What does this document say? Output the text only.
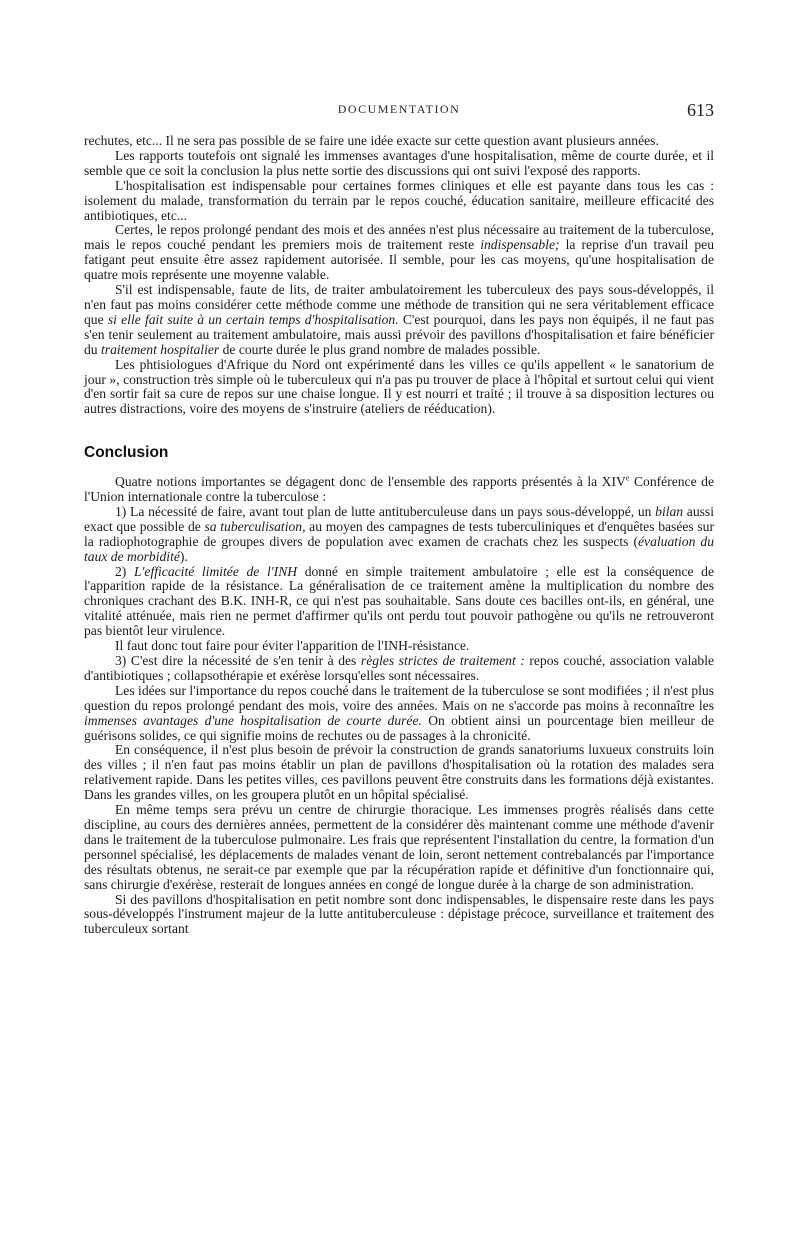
DOCUMENTATION	613

rechutes, etc... Il ne sera pas possible de se faire une idée exacte sur cette question avant plusieurs années.

Les rapports toutefois ont signalé les immenses avantages d'une hospitalisation, même de courte durée, et il semble que ce soit la conclusion la plus nette sortie des discussions qui ont suivi l'exposé des rapports.

L'hospitalisation est indispensable pour certaines formes cliniques et elle est payante dans tous les cas : isolement du malade, transformation du terrain par le repos couché, éducation sanitaire, meilleure efficacité des antibiotiques, etc...

Certes, le repos prolongé pendant des mois et des années n'est plus nécessaire au traitement de la tuberculose, mais le repos couché pendant les premiers mois de traitement reste indispensable; la reprise d'un travail peu fatigant peut ensuite être assez rapidement autorisée. Il semble, pour les cas moyens, qu'une hospitalisation de quatre mois représente une moyenne valable.

S'il est indispensable, faute de lits, de traiter ambulatoirement les tuberculeux des pays sous-développés, il n'en faut pas moins considérer cette méthode comme une méthode de transition qui ne sera véritablement efficace que si elle fait suite à un certain temps d'hospitalisation. C'est pourquoi, dans les pays non équipés, il ne faut pas s'en tenir seulement au traitement ambulatoire, mais aussi prévoir des pavillons d'hospitalisation et faire bénéficier du traitement hospitalier de courte durée le plus grand nombre de malades possible.

Les phtisiologues d'Afrique du Nord ont expérimenté dans les villes ce qu'ils appellent « le sanatorium de jour », construction très simple où le tuberculeux qui n'a pas pu trouver de place à l'hôpital et surtout celui qui vient d'en sortir fait sa cure de repos sur une chaise longue. Il y est nourri et traité ; il trouve à sa disposition lectures ou autres distractions, voire des moyens de s'instruire (ateliers de rééducation).

Conclusion

Quatre notions importantes se dégagent donc de l'ensemble des rapports présentés à la XIVe Conférence de l'Union internationale contre la tuberculose :

1) La nécessité de faire, avant tout plan de lutte antituberculeuse dans un pays sous-développé, un bilan aussi exact que possible de sa tuberculisation, au moyen des campagnes de tests tuberculiniques et d'enquêtes basées sur la radiophotographie de groupes divers de population avec examen de crachats chez les suspects (évaluation du taux de morbidité).

2) L'efficacité limitée de l'INH donné en simple traitement ambulatoire ; elle est la conséquence de l'apparition rapide de la résistance. La généralisation de ce traitement amène la multiplication du nombre des chroniques crachant des B.K. INH-R, ce qui n'est pas souhaitable. Sans doute ces bacilles ont-ils, en général, une vitalité atténuée, mais rien ne permet d'affirmer qu'ils ont perdu tout pouvoir pathogène ou qu'ils ne retrouveront pas bientôt leur virulence.

Il faut donc tout faire pour éviter l'apparition de l'INH-résistance.

3) C'est dire la nécessité de s'en tenir à des règles strictes de traitement : repos couché, association valable d'antibiotiques ; collapsothérapie et exérèse lorsqu'elles sont nécessaires.

Les idées sur l'importance du repos couché dans le traitement de la tuberculose se sont modifiées ; il n'est plus question du repos prolongé pendant des mois, voire des années. Mais on ne s'accorde pas moins à reconnaître les immenses avantages d'une hospitalisation de courte durée. On obtient ainsi un pourcentage bien meilleur de guérisons solides, ce qui signifie moins de rechutes ou de passages à la chronicité.

En conséquence, il n'est plus besoin de prévoir la construction de grands sanatoriums luxueux construits loin des villes ; il n'en faut pas moins établir un plan de pavillons d'hospitalisation où la rotation des malades sera relativement rapide. Dans les petites villes, ces pavillons peuvent être construits dans les formations déjà existantes. Dans les grandes villes, on les groupera plutôt en un hôpital spécialisé.

En même temps sera prévu un centre de chirurgie thoracique. Les immenses progrès réalisés dans cette discipline, au cours des dernières années, permettent de la considérer dès maintenant comme une méthode d'avenir dans le traitement de la tuberculose pulmonaire. Les frais que représentent l'installation du centre, la formation d'un personnel spécialisé, les déplacements de malades venant de loin, seront nettement contrebalancés par l'importance des résultats obtenus, ne serait-ce par exemple que par la récupération rapide et définitive d'un fonctionnaire qui, sans chirurgie d'exérèse, resterait de longues années en congé de longue durée à la charge de son administration.

Si des pavillons d'hospitalisation en petit nombre sont donc indispensables, le dispensaire reste dans les pays sous-développés l'instrument majeur de la lutte antituberculeuse : dépistage précoce, surveillance et traitement des tuberculeux sortant
